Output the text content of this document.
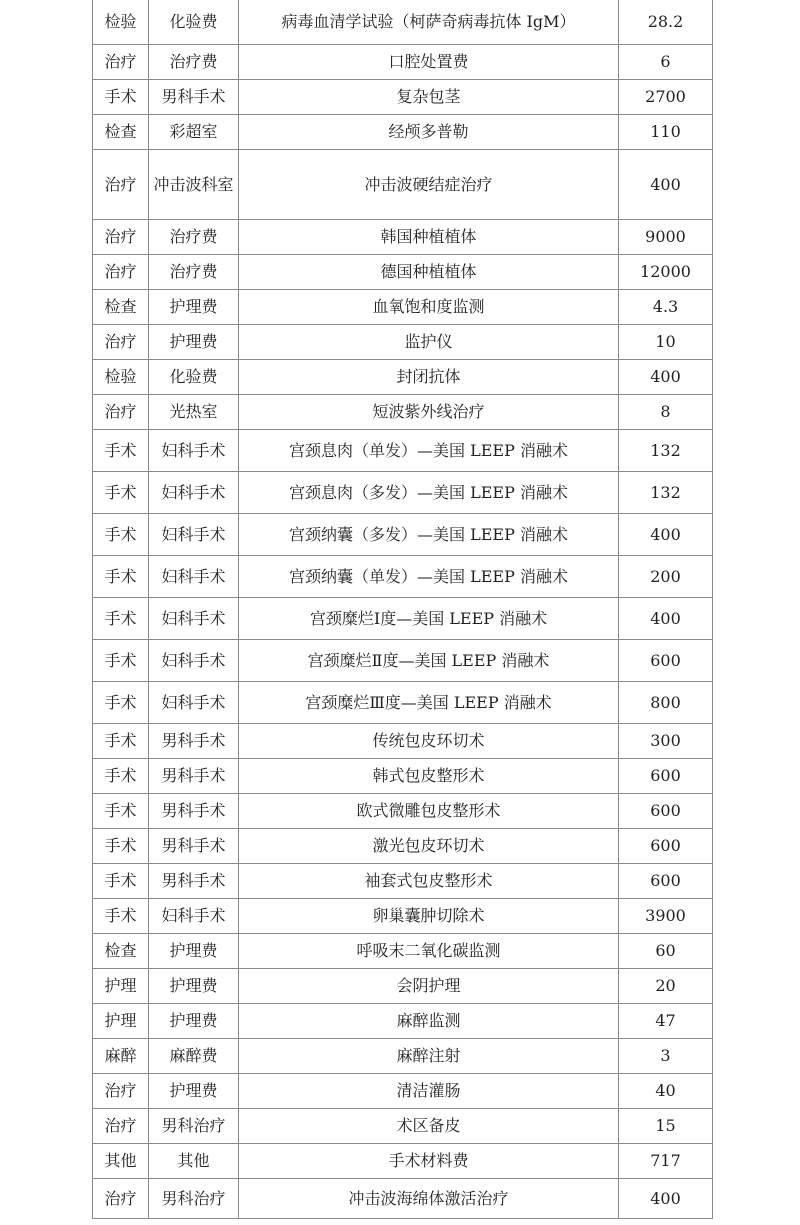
检验	化验费	病毒血清学试验（柯萨奇病毒抗体 IgM）	28.2
治疗	治疗费	口腔处置费	6
手术	男科手术	复杂包茎	2700
检查	彩超室	经颅多普勒	110
治疗	冲击波科室	冲击波硬结症治疗	400
治疗	治疗费	韩国种植植体	9000
治疗	治疗费	德国种植植体	12000
检查	护理费	血氧饱和度监测	4.3
治疗	护理费	监护仪	10
检验	化验费	封闭抗体	400
治疗	光热室	短波紫外线治疗	8
手术	妇科手术	宫颈息肉（单发）—美国 LEEP 消融术	132
手术	妇科手术	宫颈息肉（多发）—美国 LEEP 消融术	132
手术	妇科手术	宫颈纳囊（多发）—美国 LEEP 消融术	400
手术	妇科手术	宫颈纳囊（单发）—美国 LEEP 消融术	200
手术	妇科手术	宫颈糜烂Ⅰ度—美国 LEEP 消融术	400
手术	妇科手术	宫颈糜烂Ⅱ度—美国 LEEP 消融术	600
手术	妇科手术	宫颈糜烂Ⅲ度—美国 LEEP 消融术	800
手术	男科手术	传统包皮环切术	300
手术	男科手术	韩式包皮整形术	600
手术	男科手术	欧式微雕包皮整形术	600
手术	男科手术	激光包皮环切术	600
手术	男科手术	袖套式包皮整形术	600
手术	妇科手术	卵巢囊肿切除术	3900
检查	护理费	呼吸末二氧化碳监测	60
护理	护理费	会阴护理	20
护理	护理费	麻醉监测	47
麻醉	麻醉费	麻醉注射	3
治疗	护理费	清洁灌肠	40
治疗	男科治疗	术区备皮	15
其他	其他	手术材料费	717
治疗	男科治疗	冲击波海绵体激活治疗	400
